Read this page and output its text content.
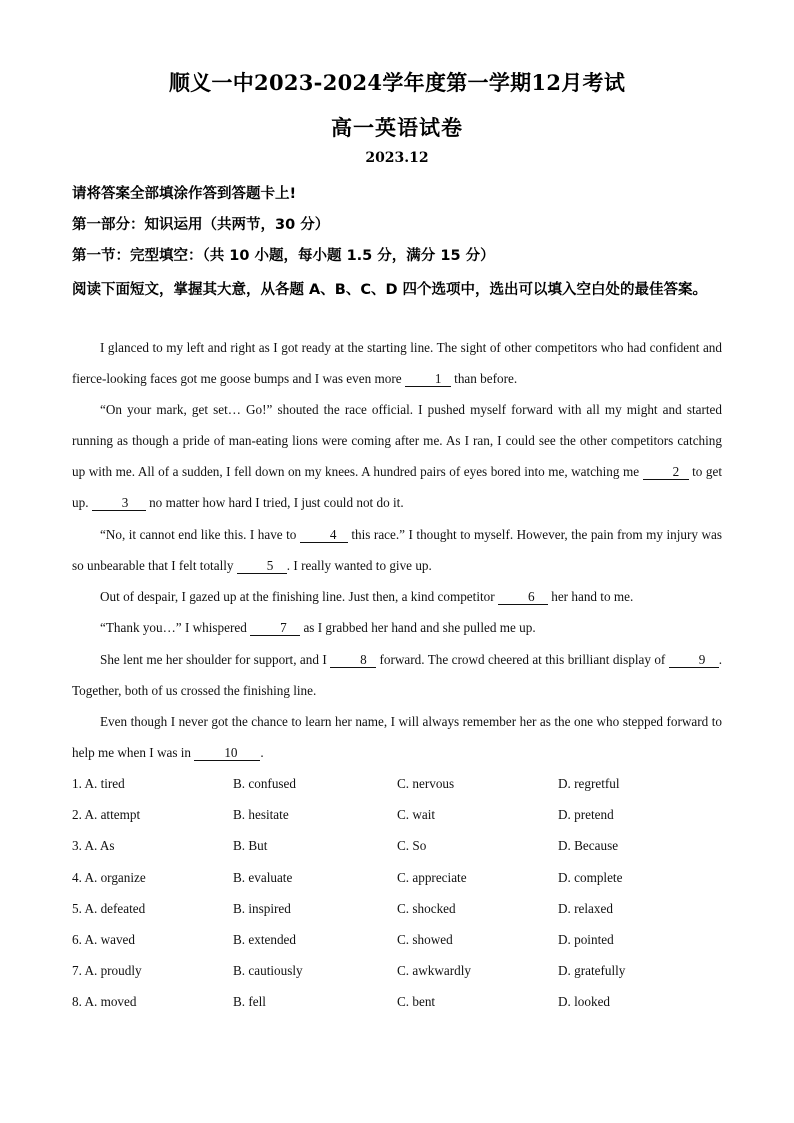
顺义一中2023-2024学年度第一学期12月考试
高一英语试卷
2023.12
请将答案全部填涂作答到答题卡上!
第一部分：知识运用（共两节，30 分）
第一节：完型填空：（共 10 小题，每小题 1.5 分，满分 15 分）
阅读下面短文，掌握其大意，从各题 A、B、C、D 四个选项中，选出可以填入空白处的最佳答案。
I glanced to my left and right as I got ready at the starting line. The sight of other competitors who had confident and fierce-looking faces got me goose bumps and I was even more 1 than before.
“On your mark, get set… Go!” shouted the race official. I pushed myself forward with all my might and started running as though a pride of man-eating lions were coming after me. As I ran, I could see the other competitors catching up with me. All of a sudden, I fell down on my knees. A hundred pairs of eyes bored into me, watching me 2 to get up. 3 no matter how hard I tried, I just could not do it.
“No, it cannot end like this. I have to 4 this race.” I thought to myself. However, the pain from my injury was so unbearable that I felt totally 5 . I really wanted to give up.
Out of despair, I gazed up at the finishing line. Just then, a kind competitor 6 her hand to me.
“Thank you…” I whispered 7 as I grabbed her hand and she pulled me up.
She lent me her shoulder for support, and I 8 forward. The crowd cheered at this brilliant display of 9 . Together, both of us crossed the finishing line.
Even though I never got the chance to learn her name, I will always remember her as the one who stepped forward to help me when I was in 10 .
1. A. tired	B. confused	C. nervous	D. regretful
2. A. attempt	B. hesitate	C. wait	D. pretend
3. A. As	B. But	C. So	D. Because
4. A. organize	B. evaluate	C. appreciate	D. complete
5. A. defeated	B. inspired	C. shocked	D. relaxed
6. A. waved	B. extended	C. showed	D. pointed
7. A. proudly	B. cautiously	C. awkwardly	D. gratefully
8. A. moved	B. fell	C. bent	D. looked
